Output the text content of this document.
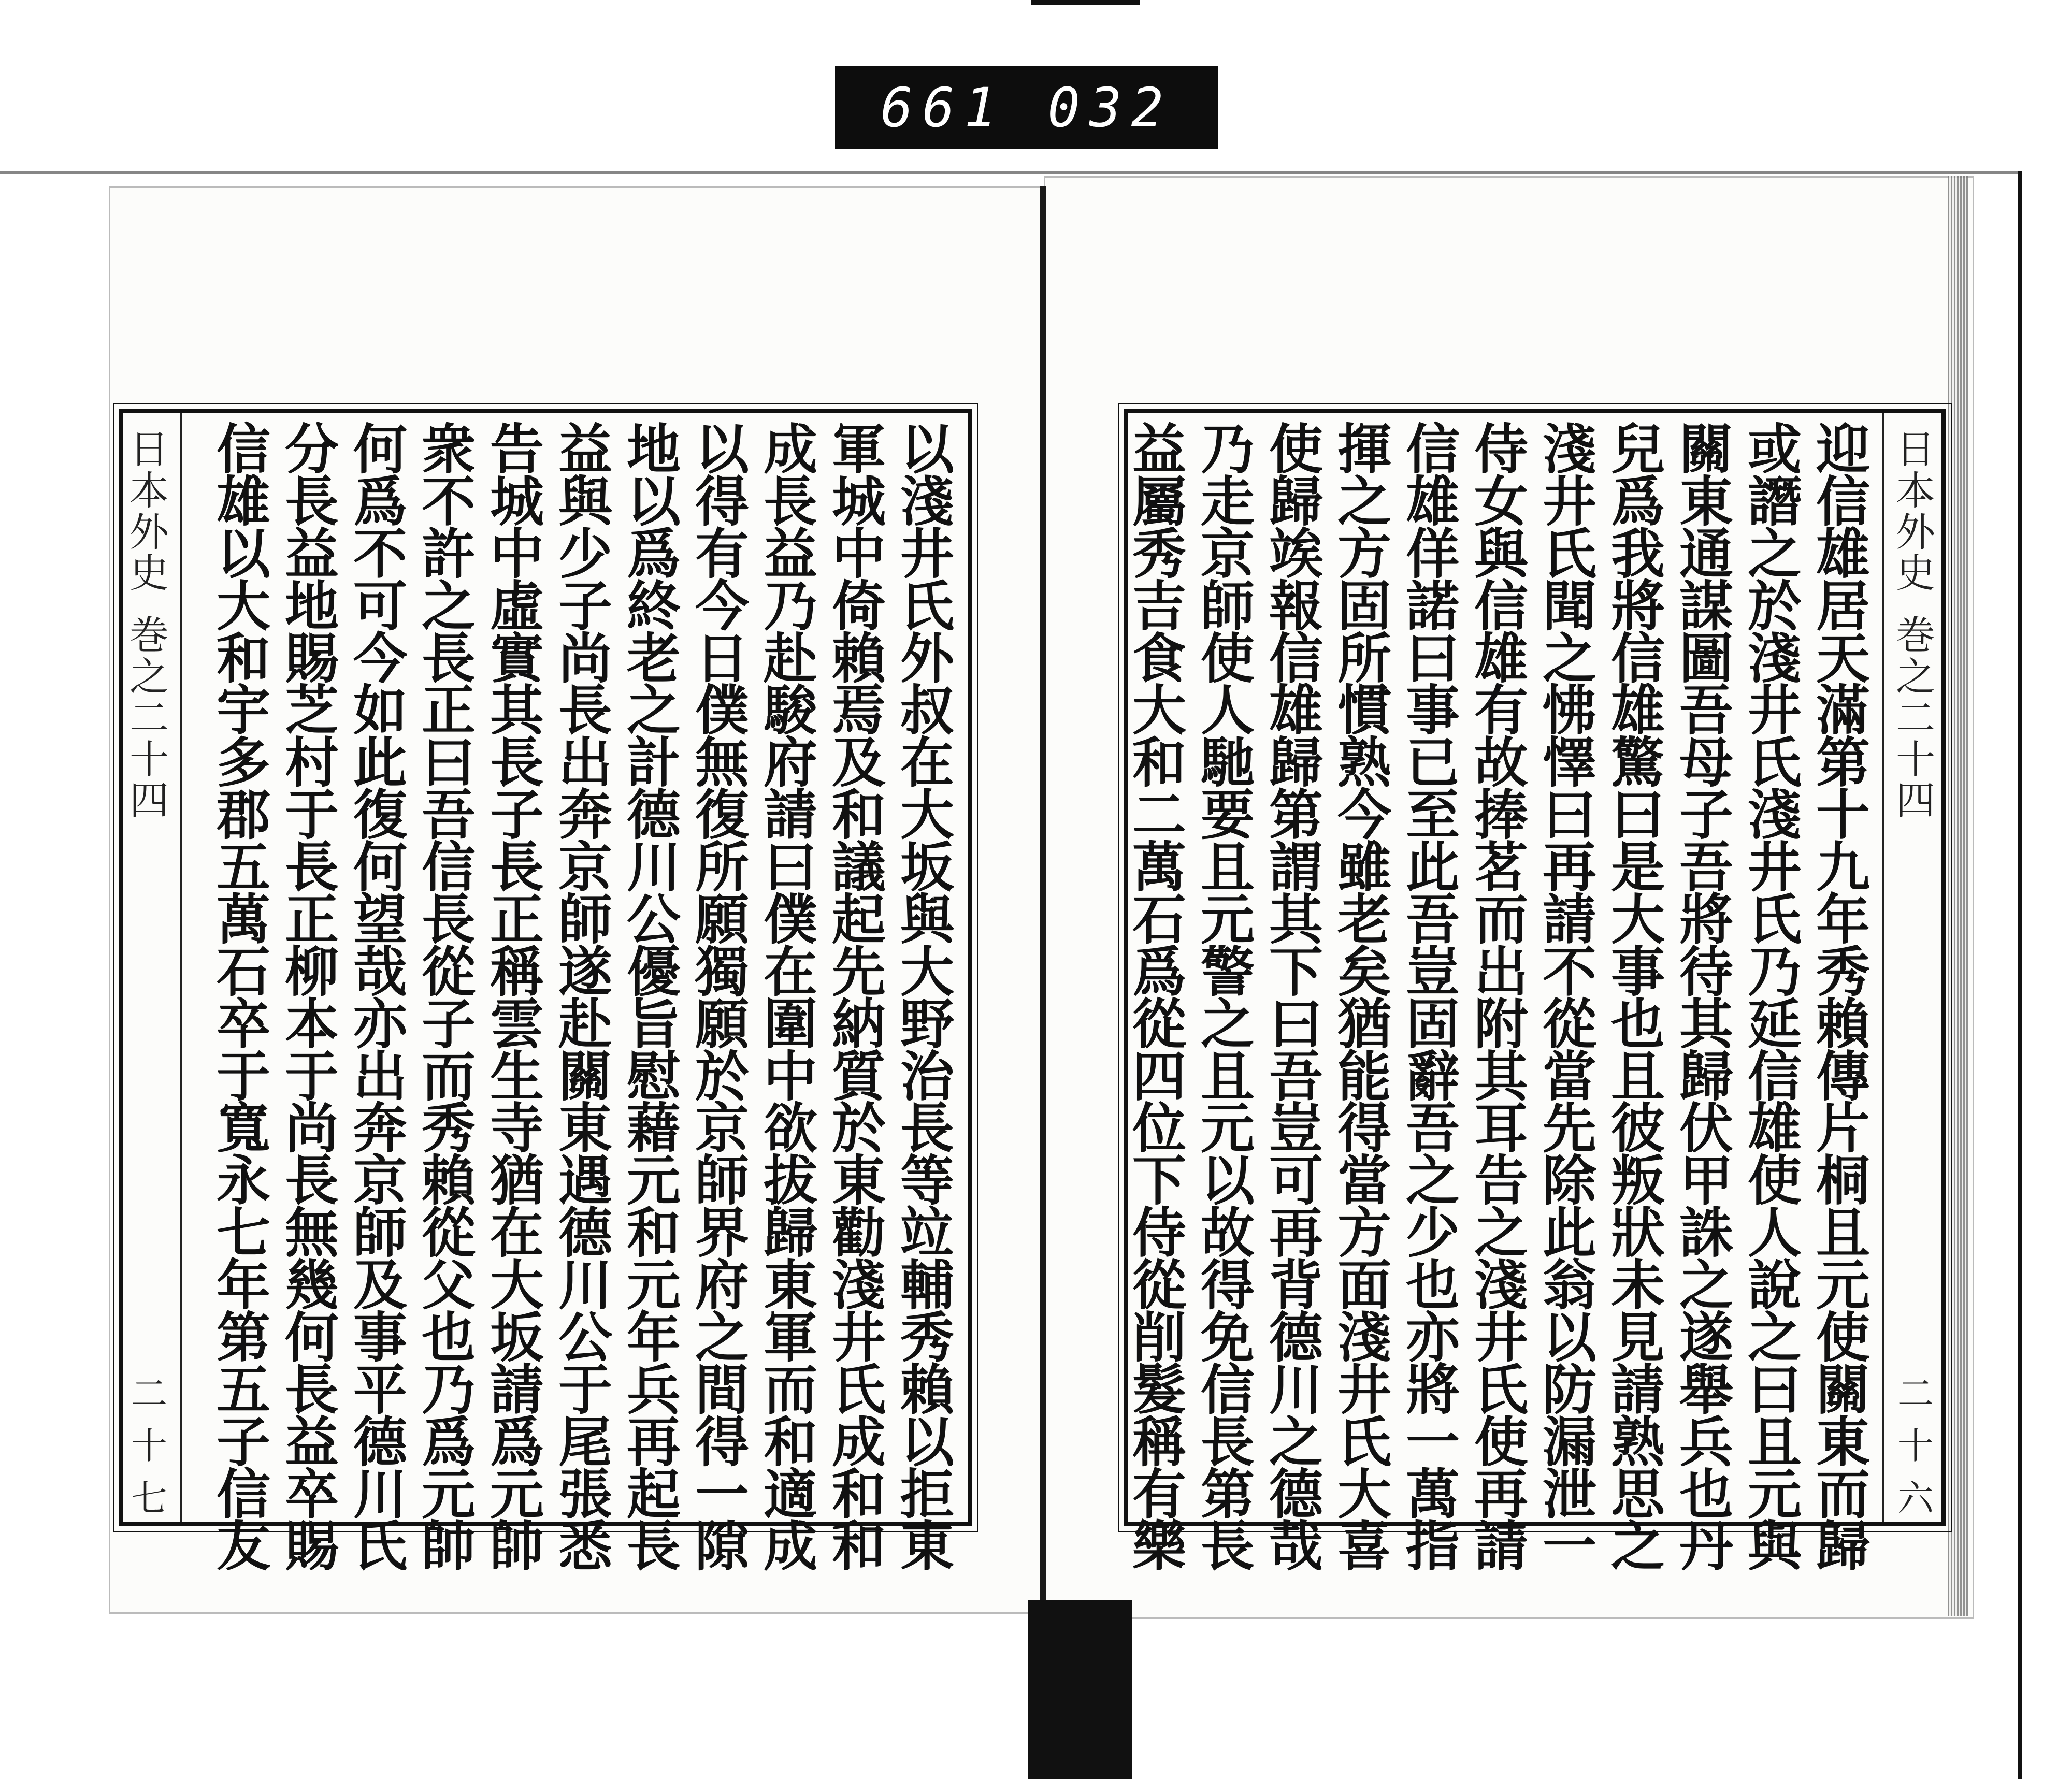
661 032
日
本
外
史
巻
之
二
十
四
二
十
七
以
淺
井
氏
外
叔
在
大
坂
與
大
野
治
長
等
竝
輔
秀
賴
以
拒
東
軍
城
中
倚
賴
焉
及
和
議
起
先
納
質
於
東
勸
淺
井
氏
成
和
和
成
長
益
乃
赴
駿
府
請
曰
僕
在
圍
中
欲
拔
歸
東
軍
而
和
適
成
以
得
有
今
日
僕
無
復
所
願
獨
願
於
京
師
界
府
之
間
得
一
隙
地
以
爲
終
老
之
計
德
川
公
優
旨
慰
藉
元
和
元
年
兵
再
起
長
益
與
少
子
尚
長
出
奔
京
師
遂
赴
關
東
遇
德
川
公
于
尾
張
悉
告
城
中
虛
實
其
長
子
長
正
稱
雲
生
寺
猶
在
大
坂
請
爲
元
帥
衆
不
許
之
長
正
曰
吾
信
長
從
子
而
秀
賴
從
父
也
乃
爲
元
帥
何
爲
不
可
今
如
此
復
何
望
哉
亦
出
奔
京
師
及
事
平
德
川
氏
分
長
益
地
賜
芝
村
于
長
正
柳
本
于
尚
長
無
幾
何
長
益
卒
賜
信
雄
以
大
和
宇
多
郡
五
萬
石
卒
于
寬
永
七
年
第
五
子
信
友
日
本
外
史
巻
之
二
十
四
二
十
六
迎
信
雄
居
天
滿
第
十
九
年
秀
賴
傳
片
桐
且
元
使
關
東
而
歸
或
譖
之
於
淺
井
氏
淺
井
氏
乃
延
信
雄
使
人
說
之
曰
且
元
與
關
東
通
謀
圖
吾
母
子
吾
將
待
其
歸
伏
甲
誅
之
遂
舉
兵
也
丹
兒
爲
我
將
信
雄
驚
曰
是
大
事
也
且
彼
叛
狀
未
見
請
熟
思
之
淺
井
氏
聞
之
怫
懌
曰
再
請
不
從
當
先
除
此
翁
以
防
漏
泄
一
侍
女
與
信
雄
有
故
捧
茗
而
出
附
其
耳
告
之
淺
井
氏
使
再
請
信
雄
佯
諾
曰
事
已
至
此
吾
豈
固
辭
吾
之
少
也
亦
將
一
萬
指
揮
之
方
固
所
慣
熟
今
雖
老
矣
猶
能
得
當
方
面
淺
井
氏
大
喜
使
歸
竢
報
信
雄
歸
第
謂
其
下
曰
吾
豈
可
再
背
德
川
之
德
哉
乃
走
京
師
使
人
馳
要
且
元
警
之
且
元
以
故
得
免
信
長
第
長
益
屬
秀
吉
食
大
和
二
萬
石
爲
從
四
位
下
侍
從
削
髮
稱
有
樂
